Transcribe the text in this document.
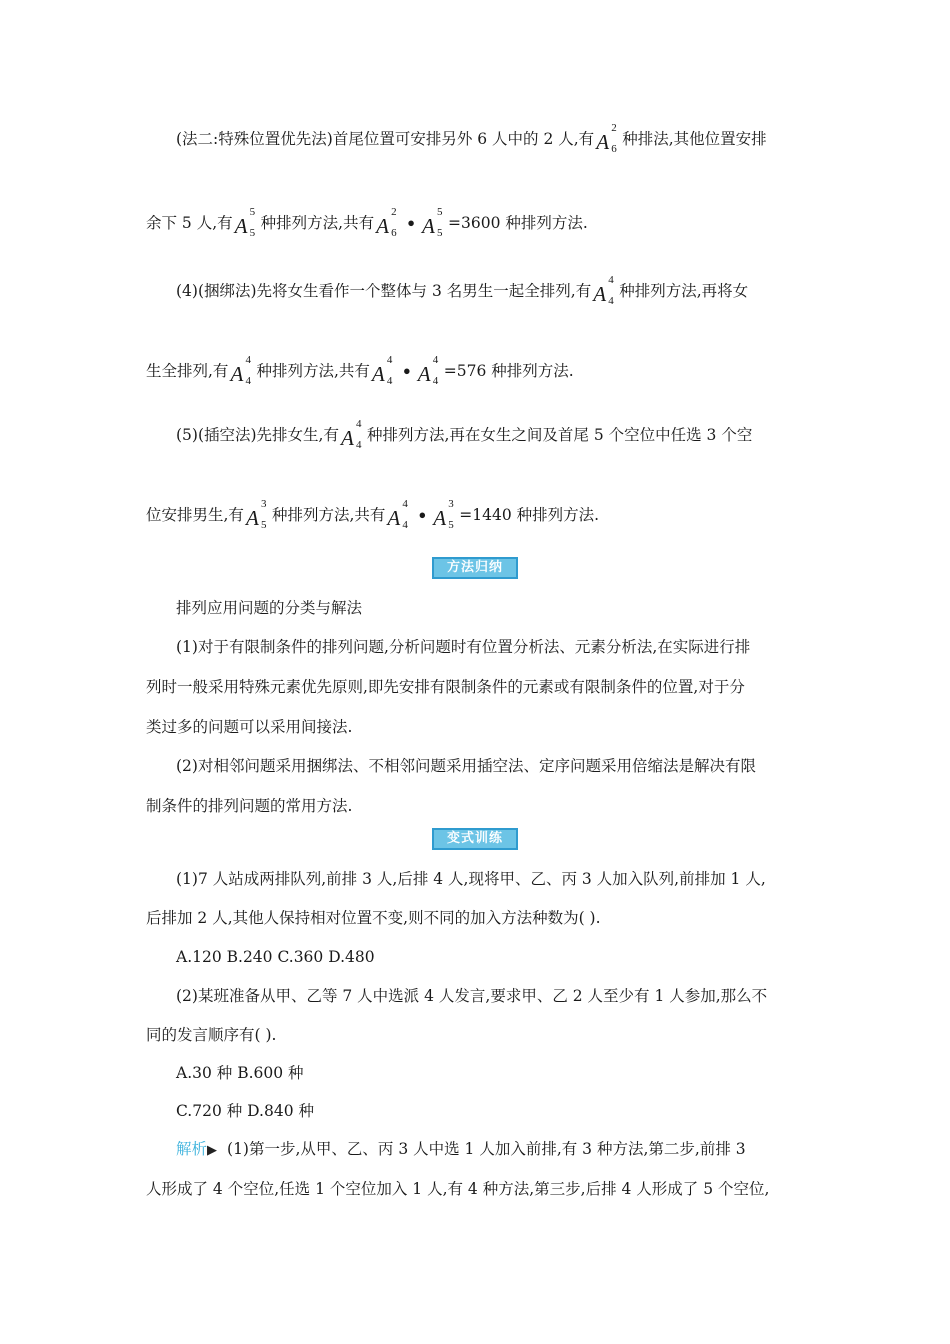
(法二:特殊位置优先法)首尾位置可安排另外 6 人中的 2 人,有 A
2
6
种排法,其他位置安排
余下 5 人,有 A
5
5
种排列方法,共有 A
2
6 • A
5
5
=3600 种排列方法.
(4)(捆绑法)先将女生看作一个整体与 3 名男生一起全排列,有 A
4
4
种排列方法,再将女
生全排列,有 A
4
4
种排列方法,共有 A
4
4 • A
4
4
=576 种排列方法.
(5)(插空法)先排女生,有 A
4
4
种排列方法,再在女生之间及首尾 5 个空位中任选 3 个空
位安排男生,有 A
3
5
种排列方法,共有 A
4
4 • A
3
5
=1440 种排列方法.
方法归纳
排列应用问题的分类与解法
(1)对于有限制条件的排列问题,分析问题时有位置分析法、元素分析法,在实际进行排
列时一般采用特殊元素优先原则,即先安排有限制条件的元素或有限制条件的位置,对于分
类过多的问题可以采用间接法.
(2)对相邻问题采用捆绑法、不相邻问题采用插空法、定序问题采用倍缩法是解决有限
制条件的排列问题的常用方法.
变式训练
(1)7 人站成两排队列,前排 3 人,后排 4 人,现将甲、乙、丙 3 人加入队列,前排加 1 人,
后排加 2 人,其他人保持相对位置不变,则不同的加入方法种数为( ).
A.120 B.240 C.360 D.480
(2)某班准备从甲、乙等 7 人中选派 4 人发言,要求甲、乙 2 人至少有 1 人参加,那么不
同的发言顺序有( ).
A.30 种 B.600 种
C.720 种 D.840 种
解析▶ (1)第一步,从甲、乙、丙 3 人中选 1 人加入前排,有 3 种方法,第二步,前排 3
人形成了 4 个空位,任选 1 个空位加入 1 人,有 4 种方法,第三步,后排 4 人形成了 5 个空位,
